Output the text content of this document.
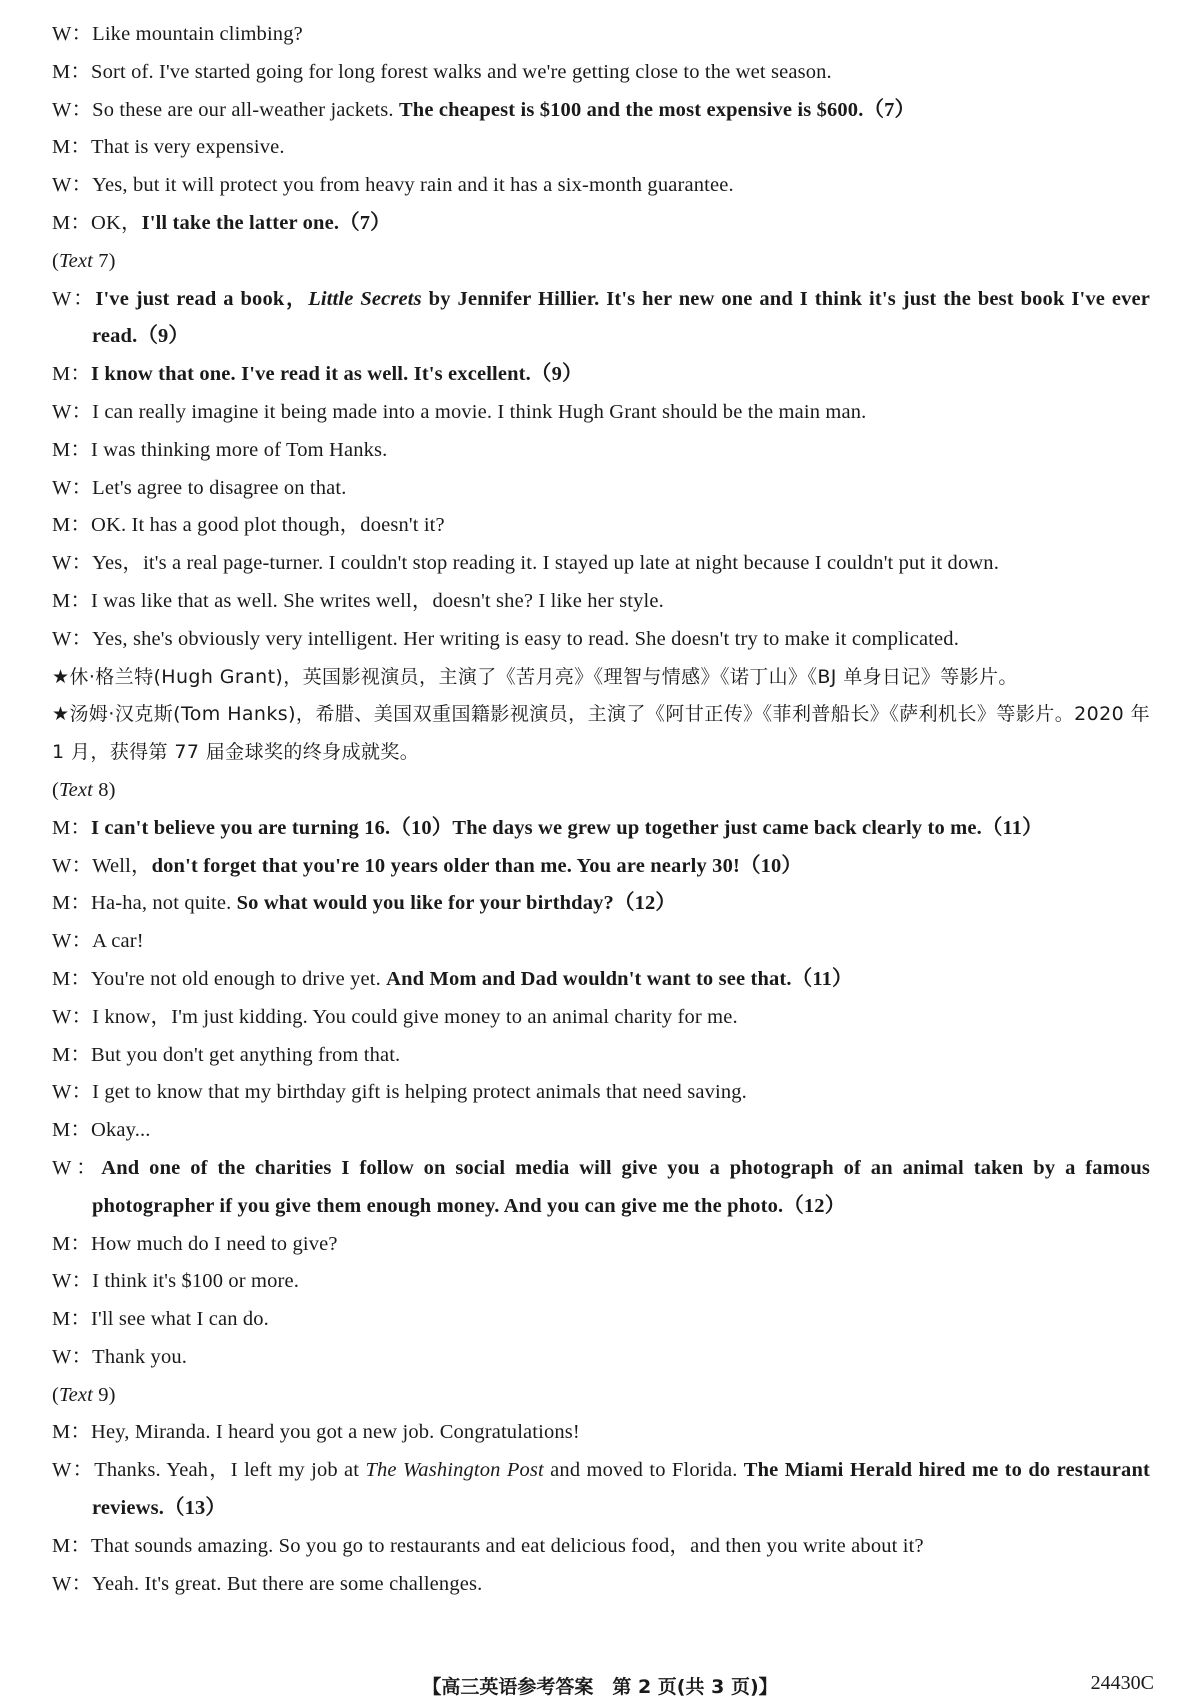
W：Like mountain climbing?
M：Sort of. I've started going for long forest walks and we're getting close to the wet season.
W：So these are our all-weather jackets. The cheapest is $100 and the most expensive is $600.（7）
M：That is very expensive.
W：Yes, but it will protect you from heavy rain and it has a six-month guarantee.
M：OK，I'll take the latter one.（7）
(Text 7)
W：I've just read a book，Little Secrets by Jennifer Hillier. It's her new one and I think it's just the best book I've ever read.（9）
M：I know that one. I've read it as well. It's excellent.（9）
W：I can really imagine it being made into a movie. I think Hugh Grant should be the main man.
M：I was thinking more of Tom Hanks.
W：Let's agree to disagree on that.
M：OK. It has a good plot though，doesn't it?
W：Yes，it's a real page-turner. I couldn't stop reading it. I stayed up late at night because I couldn't put it down.
M：I was like that as well. She writes well，doesn't she? I like her style.
W：Yes, she's obviously very intelligent. Her writing is easy to read. She doesn't try to make it complicated.
★休·格兰特(Hugh Grant)，英国影视演员，主演了《苦月亮》《理智与情感》《诺丁山》《BJ 单身日记》等影片。
★汤姆·汉克斯(Tom Hanks)，希腊、美国双重国籍影视演员，主演了《阿甘正传》《菲利普船长》《萨利机长》等影片。2020 年 1 月，获得第 77 届金球奖的终身成就奖。
(Text 8)
M：I can't believe you are turning 16.（10）The days we grew up together just came back clearly to me.（11）
W：Well，don't forget that you're 10 years older than me. You are nearly 30!（10）
M：Ha-ha, not quite. So what would you like for your birthday?（12）
W：A car!
M：You're not old enough to drive yet. And Mom and Dad wouldn't want to see that.（11）
W：I know，I'm just kidding. You could give money to an animal charity for me.
M：But you don't get anything from that.
W：I get to know that my birthday gift is helping protect animals that need saving.
M：Okay...
W：And one of the charities I follow on social media will give you a photograph of an animal taken by a famous photographer if you give them enough money. And you can give me the photo.（12）
M：How much do I need to give?
W：I think it's $100 or more.
M：I'll see what I can do.
W：Thank you.
(Text 9)
M：Hey, Miranda. I heard you got a new job. Congratulations!
W：Thanks. Yeah，I left my job at The Washington Post and moved to Florida. The Miami Herald hired me to do restaurant reviews.（13）
M：That sounds amazing. So you go to restaurants and eat delicious food，and then you write about it?
W：Yeah. It's great. But there are some challenges.
【高三英语参考答案　第 2 页(共 3 页)】	24430C
